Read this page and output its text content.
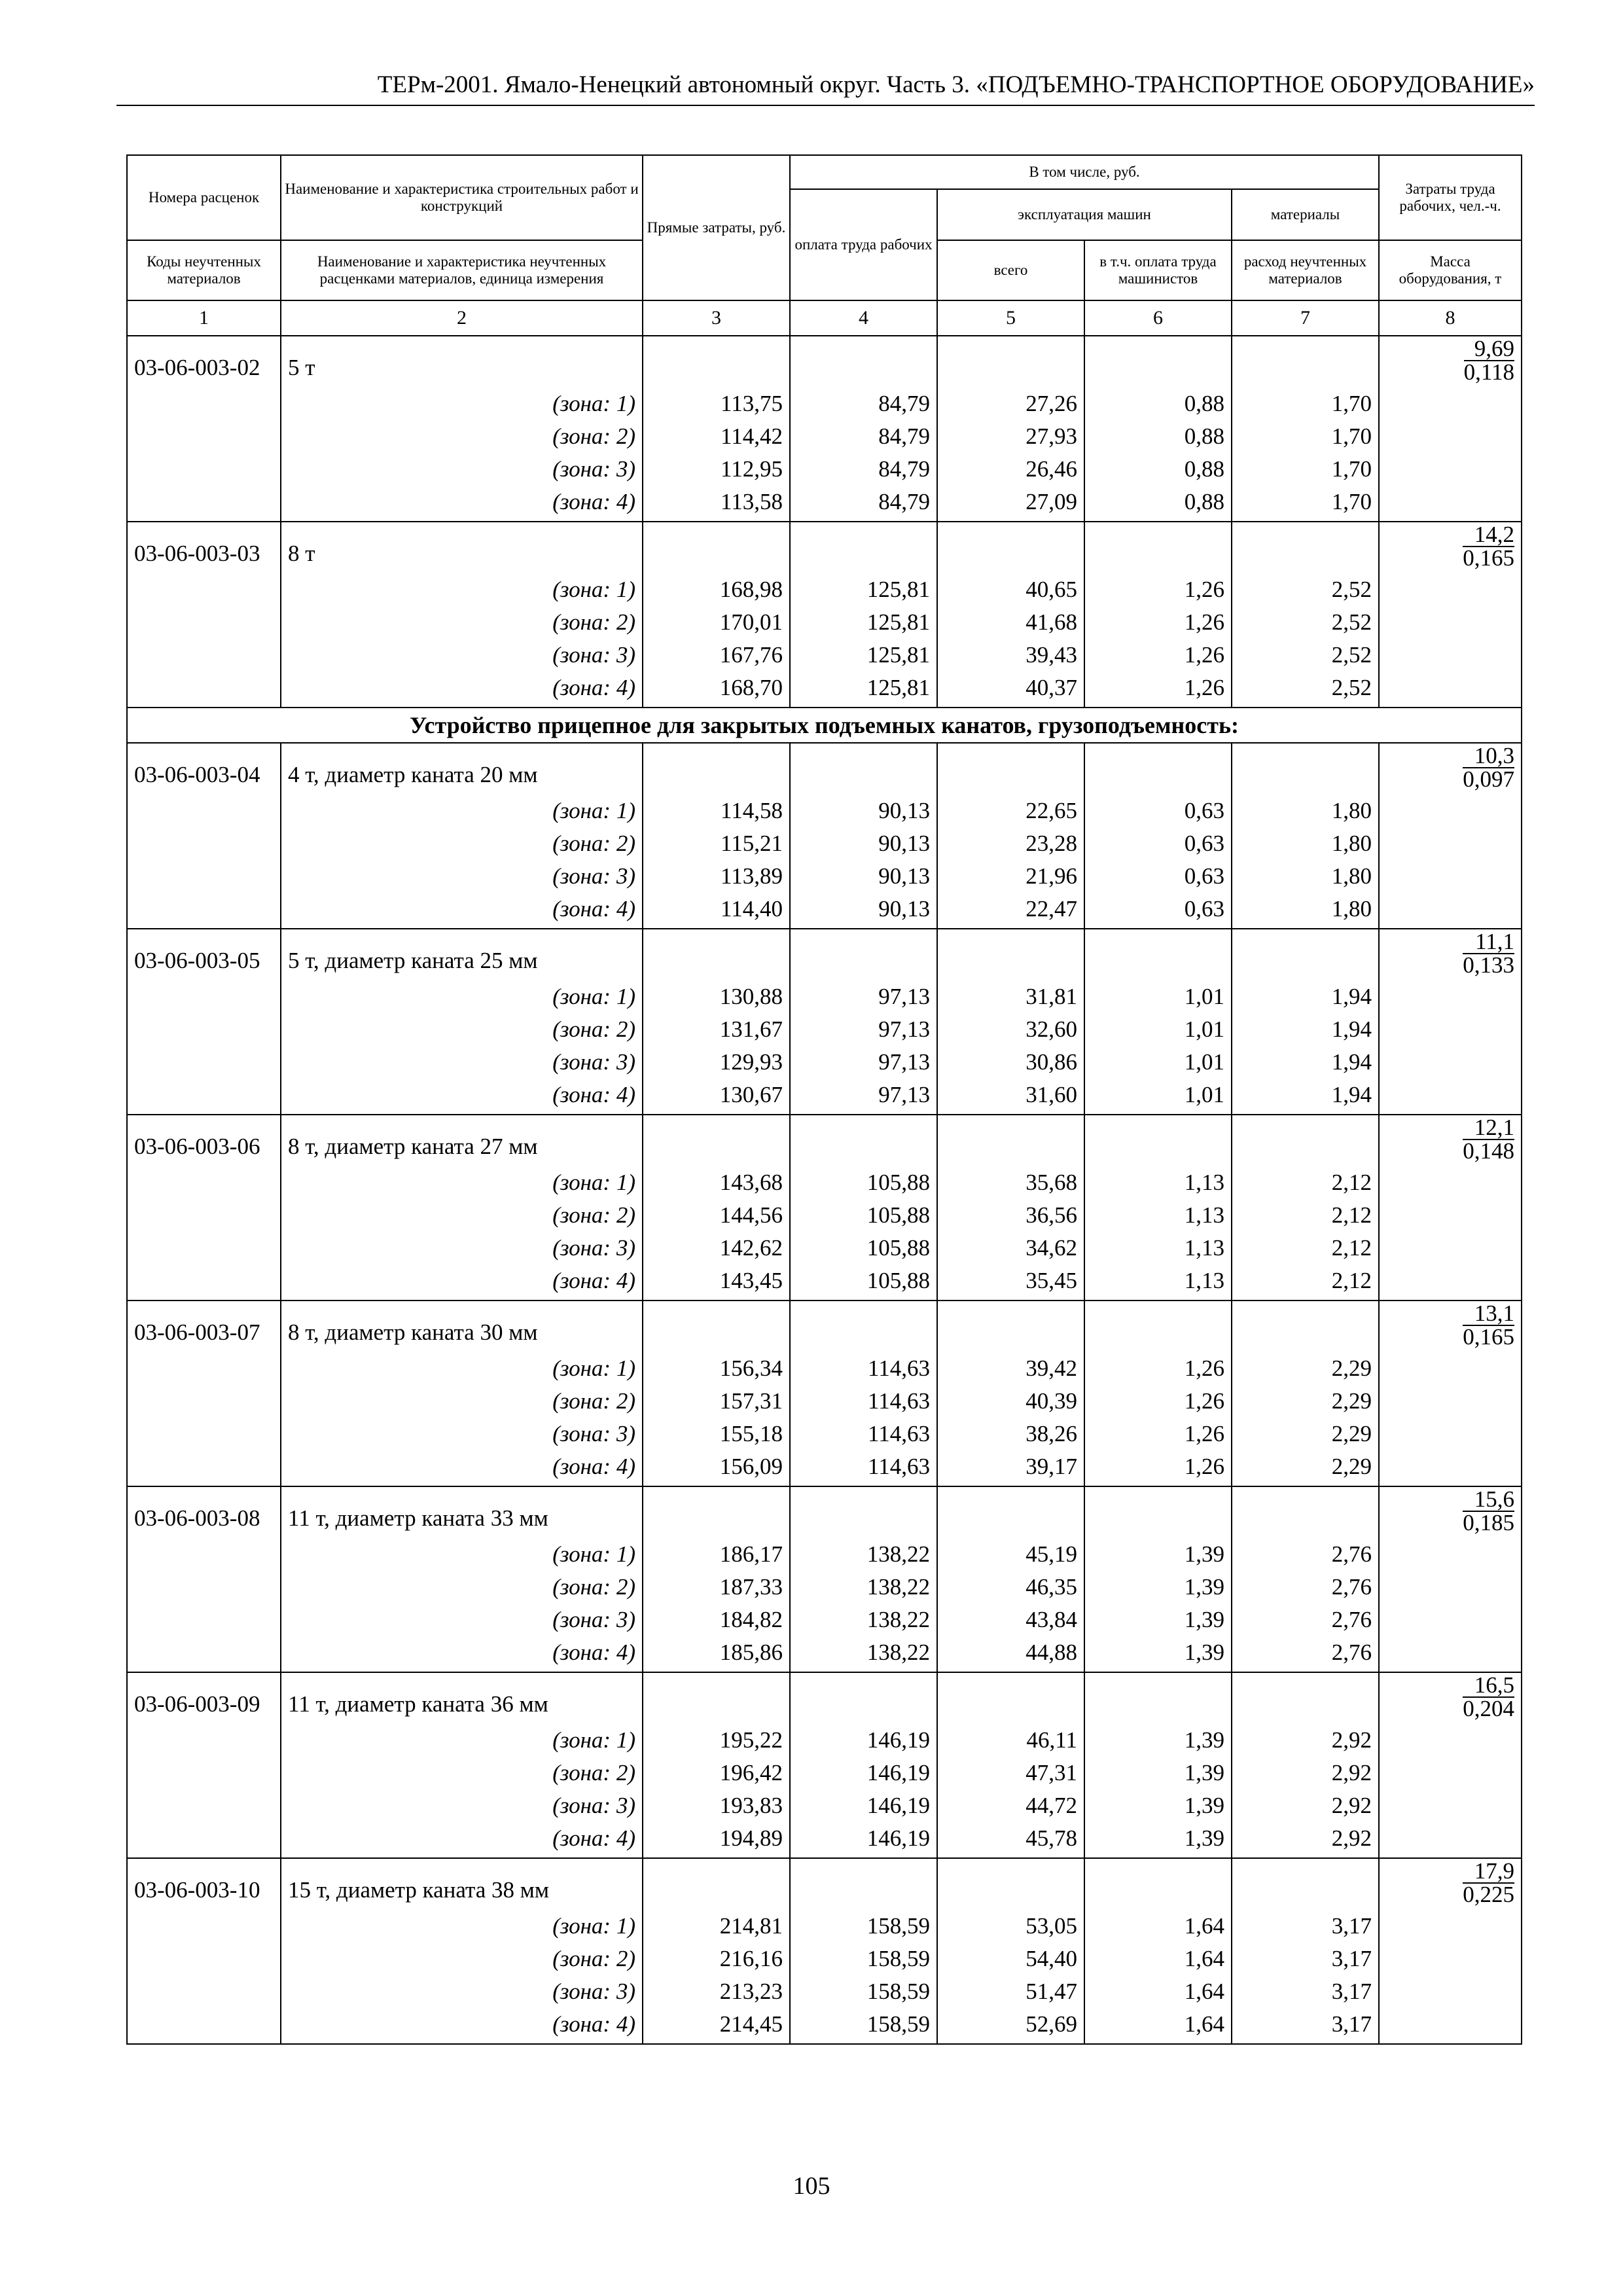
ТЕРм-2001. Ямало-Ненецкий автономный округ. Часть 3. «ПОДЪЕМНО-ТРАНСПОРТНОЕ ОБОРУДОВАНИЕ»
Номера расценок	Наименование и характеристика строительных работ и конструкций	Прямые затраты, руб.	В том числе, руб.				Затраты труда рабочих, чел.-ч.
			оплата труда рабочих	эксплуатация машин		материалы	
Коды неучтенных материалов	Наименование и характеристика неучтенных расценками материалов, единица измерения			всего	в т.ч. оплата труда машинистов	расход неучтенных материалов	Масса оборудования, т
1	2	3	4	5	6	7	8
03-06-003-02	5 т						9,69
0,118
	(зона: 1)	113,75	84,79	27,26	0,88	1,70	
	(зона: 2)	114,42	84,79	27,93	0,88	1,70	
	(зона: 3)	112,95	84,79	26,46	0,88	1,70	
	(зона: 4)	113,58	84,79	27,09	0,88	1,70	
03-06-003-03	8 т						14,2
0,165
	(зона: 1)	168,98	125,81	40,65	1,26	2,52	
	(зона: 2)	170,01	125,81	41,68	1,26	2,52	
	(зона: 3)	167,76	125,81	39,43	1,26	2,52	
	(зона: 4)	168,70	125,81	40,37	1,26	2,52	
Устройство прицепное для закрытых подъемных канатов, грузоподъемность:							
03-06-003-04	4 т, диаметр каната 20 мм						10,3
0,097
	(зона: 1)	114,58	90,13	22,65	0,63	1,80	
	(зона: 2)	115,21	90,13	23,28	0,63	1,80	
	(зона: 3)	113,89	90,13	21,96	0,63	1,80	
	(зона: 4)	114,40	90,13	22,47	0,63	1,80	
03-06-003-05	5 т, диаметр каната 25 мм						11,1
0,133
	(зона: 1)	130,88	97,13	31,81	1,01	1,94	
	(зона: 2)	131,67	97,13	32,60	1,01	1,94	
	(зона: 3)	129,93	97,13	30,86	1,01	1,94	
	(зона: 4)	130,67	97,13	31,60	1,01	1,94	
03-06-003-06	8 т, диаметр каната 27 мм						12,1
0,148
	(зона: 1)	143,68	105,88	35,68	1,13	2,12	
	(зона: 2)	144,56	105,88	36,56	1,13	2,12	
	(зона: 3)	142,62	105,88	34,62	1,13	2,12	
	(зона: 4)	143,45	105,88	35,45	1,13	2,12	
03-06-003-07	8 т, диаметр каната 30 мм						13,1
0,165
	(зона: 1)	156,34	114,63	39,42	1,26	2,29	
	(зона: 2)	157,31	114,63	40,39	1,26	2,29	
	(зона: 3)	155,18	114,63	38,26	1,26	2,29	
	(зона: 4)	156,09	114,63	39,17	1,26	2,29	
03-06-003-08	11 т, диаметр каната 33 мм						15,6
0,185
	(зона: 1)	186,17	138,22	45,19	1,39	2,76	
	(зона: 2)	187,33	138,22	46,35	1,39	2,76	
	(зона: 3)	184,82	138,22	43,84	1,39	2,76	
	(зона: 4)	185,86	138,22	44,88	1,39	2,76	
03-06-003-09	11 т, диаметр каната 36 мм						16,5
0,204
	(зона: 1)	195,22	146,19	46,11	1,39	2,92	
	(зона: 2)	196,42	146,19	47,31	1,39	2,92	
	(зона: 3)	193,83	146,19	44,72	1,39	2,92	
	(зона: 4)	194,89	146,19	45,78	1,39	2,92	
03-06-003-10	15 т, диаметр каната 38 мм						17,9
0,225
	(зона: 1)	214,81	158,59	53,05	1,64	3,17	
	(зона: 2)	216,16	158,59	54,40	1,64	3,17	
	(зона: 3)	213,23	158,59	51,47	1,64	3,17	
	(зона: 4)	214,45	158,59	52,69	1,64	3,17	
105
